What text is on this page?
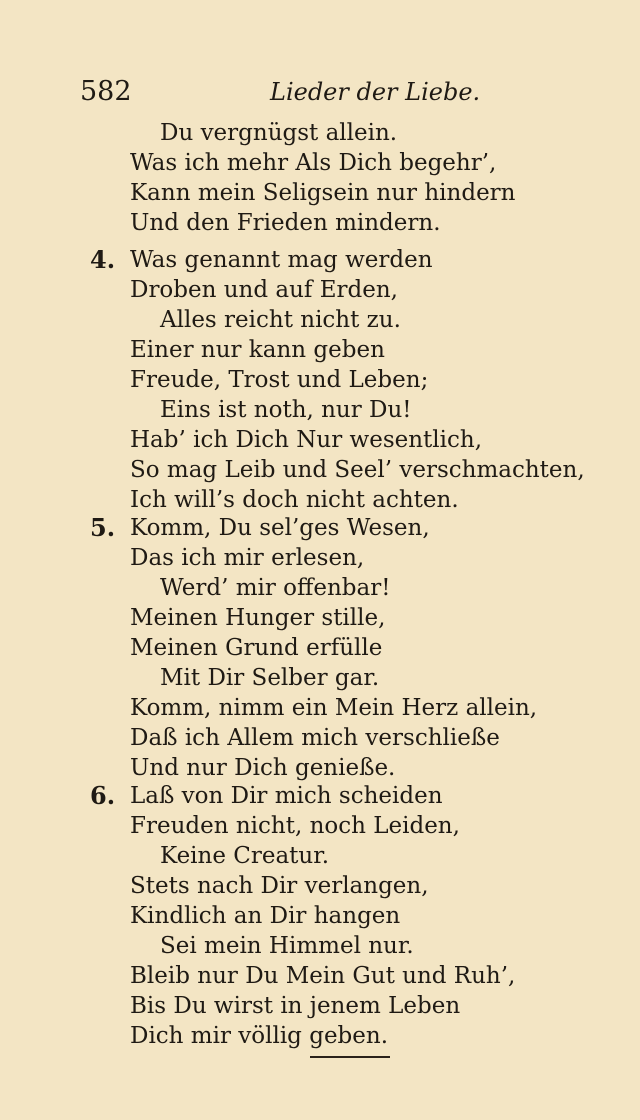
582	Lieder der Liebe.
Du vergnügst allein.
Was ich mehr Als Dich begehr’,
Kann mein Seligsein nur hindern
Und den Frieden mindern.
4. Was genannt mag werden
Droben und auf Erden,
Alles reicht nicht zu.
Einer nur kann geben
Freude, Trost und Leben;
Eins ist noth, nur Du!
Hab’ ich Dich Nur wesentlich,
So mag Leib und Seel’ verschmachten,
Ich will’s doch nicht achten.
5. Komm, Du sel’ges Wesen,
Das ich mir erlesen,
Werd’ mir offenbar!
Meinen Hunger stille,
Meinen Grund erfülle
Mit Dir Selber gar.
Komm, nimm ein Mein Herz allein,
Daß ich Allem mich verschließe
Und nur Dich genieße.
6. Laß von Dir mich scheiden
Freuden nicht, noch Leiden,
Keine Creatur.
Stets nach Dir verlangen,
Kindlich an Dir hangen
Sei mein Himmel nur.
Bleib nur Du Mein Gut und Ruh’,
Bis Du wirst in jenem Leben
Dich mir völlig geben.
